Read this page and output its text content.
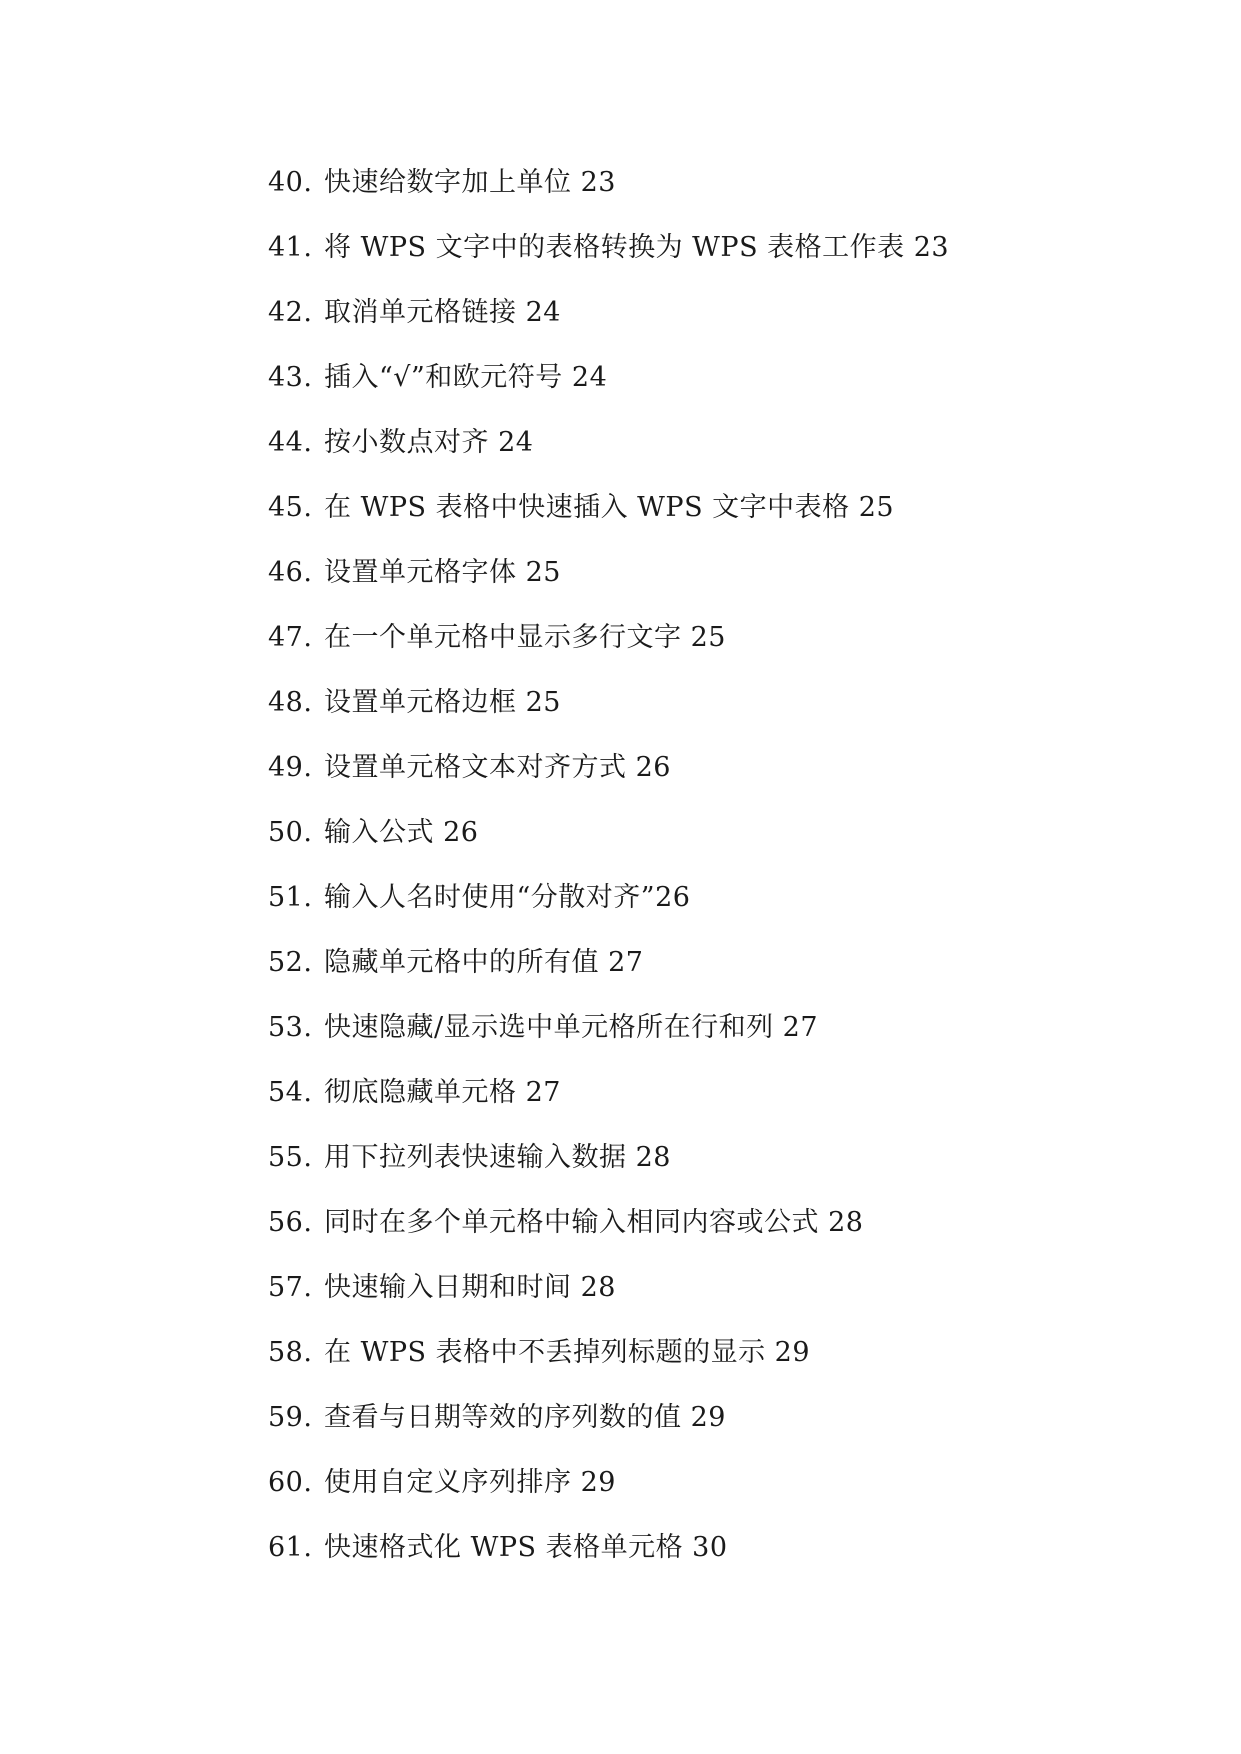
40. 快速给数字加上单位 23
41. 将 WPS 文字中的表格转换为 WPS 表格工作表 23
42. 取消单元格链接 24
43. 插入“√”和欧元符号 24
44. 按小数点对齐 24
45. 在 WPS 表格中快速插入 WPS 文字中表格 25
46. 设置单元格字体 25
47. 在一个单元格中显示多行文字 25
48. 设置单元格边框 25
49. 设置单元格文本对齐方式 26
50. 输入公式 26
51. 输入人名时使用“分散对齐”26
52. 隐藏单元格中的所有值 27
53. 快速隐藏/显示选中单元格所在行和列 27
54. 彻底隐藏单元格 27
55. 用下拉列表快速输入数据 28
56. 同时在多个单元格中输入相同内容或公式 28
57. 快速输入日期和时间 28
58. 在 WPS 表格中不丢掉列标题的显示 29
59. 查看与日期等效的序列数的值 29
60. 使用自定义序列排序 29
61. 快速格式化 WPS 表格单元格 30
